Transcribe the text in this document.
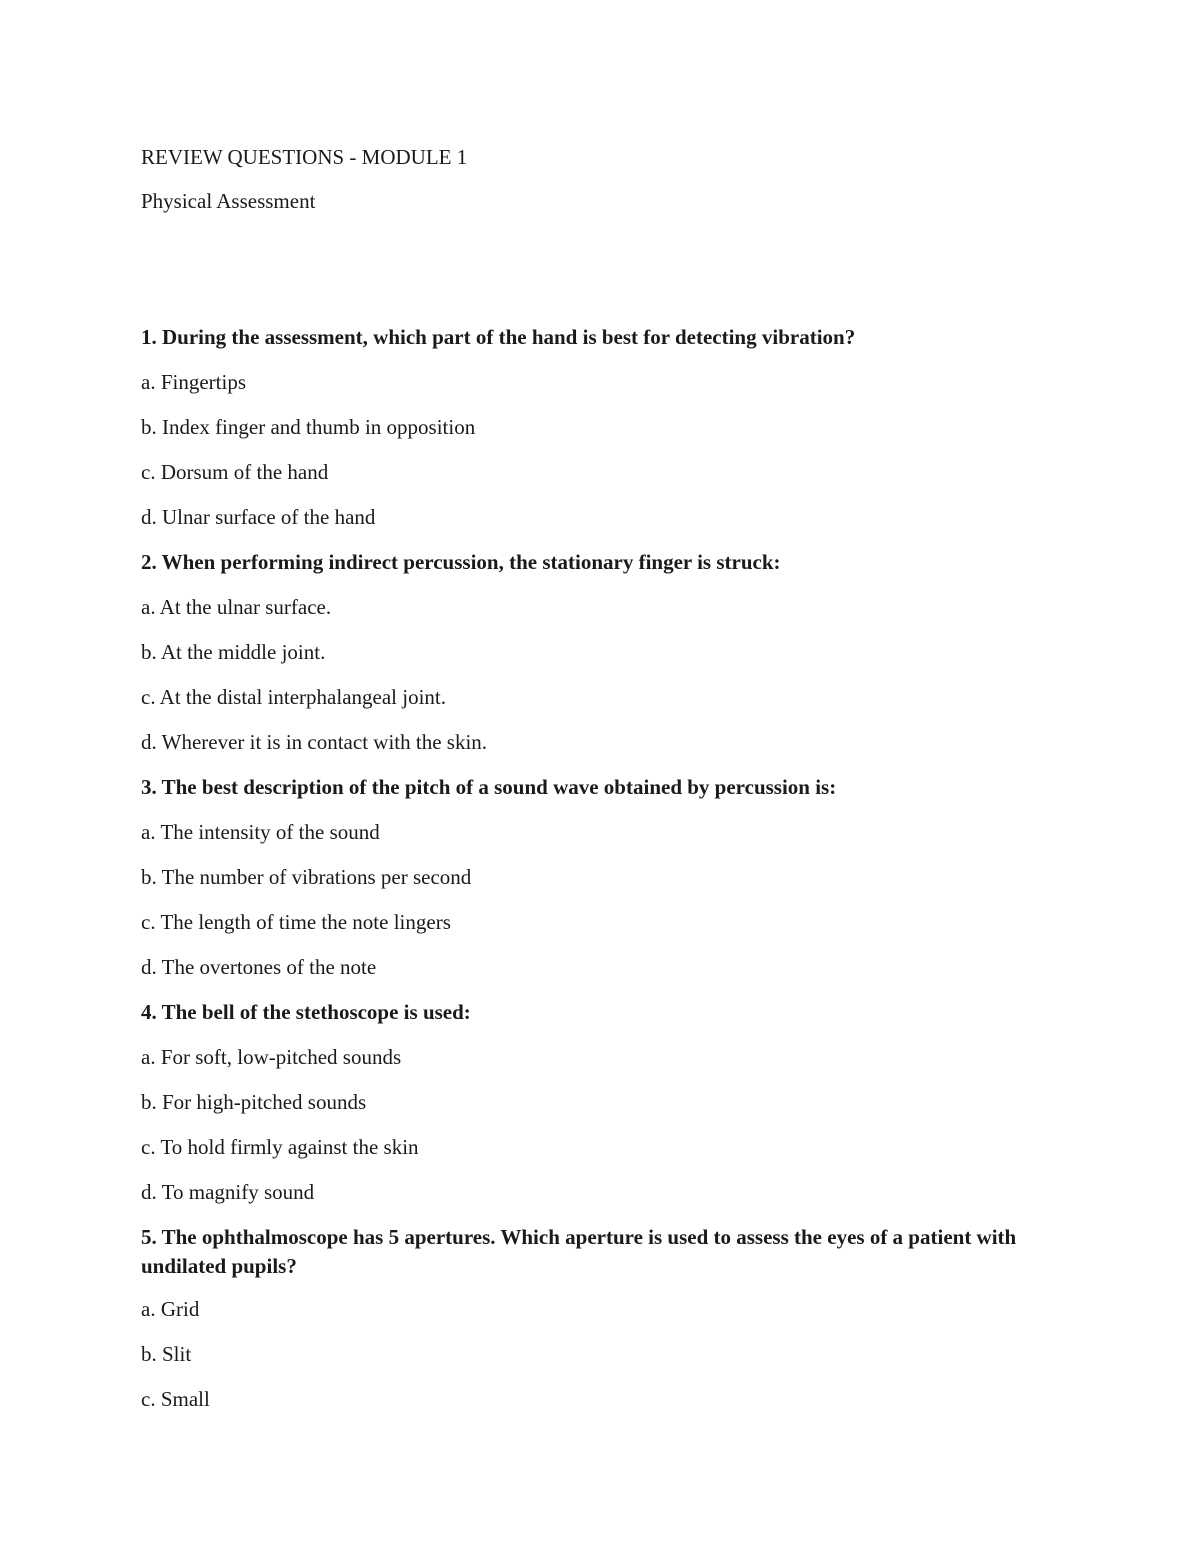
REVIEW QUESTIONS - MODULE 1

Physical Assessment

1. During the assessment, which part of the hand is best for detecting vibration?

a. Fingertips

b. Index finger and thumb in opposition

c. Dorsum of the hand

d. Ulnar surface of the hand

2. When performing indirect percussion, the stationary finger is struck:

a. At the ulnar surface.

b. At the middle joint.

c. At the distal interphalangeal joint.

d. Wherever it is in contact with the skin.

3. The best description of the pitch of a sound wave obtained by percussion is:

a. The intensity of the sound

b. The number of vibrations per second

c. The length of time the note lingers

d. The overtones of the note

4. The bell of the stethoscope is used:

a. For soft, low-pitched sounds

b. For high-pitched sounds

c. To hold firmly against the skin

d. To magnify sound

5. The ophthalmoscope has 5 apertures. Which aperture is used to assess the eyes of a patient with undilated pupils?

a. Grid

b. Slit

c. Small
